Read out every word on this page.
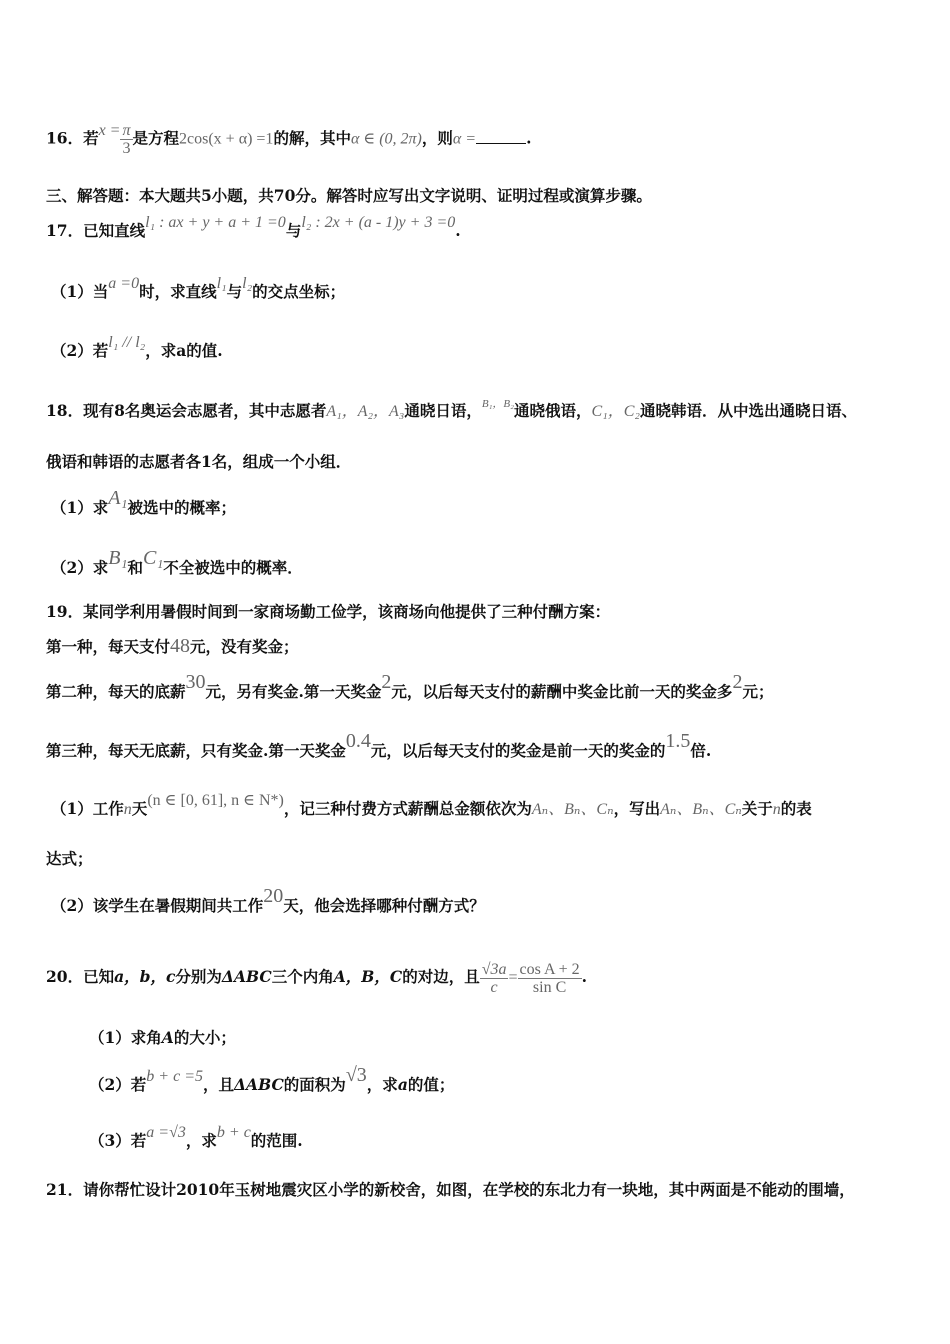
16．若$x = \frac{\pi}{3}$ 是方程2cos(x + α) =1的解，其中α ∈ (0, 2π)，则α =	.
三、解答题：本大题共5小题，共70分。解答时应写出文字说明、证明过程或演算步骤。
17．已知直线l₁ : ax + y + a + 1 =0与l₂ : 2x + (a - 1)y + 3 =0.
（1）当a =0时，求直线l₁与l₂的交点坐标；
（2）若l₁ // l₂，求a的值.
18．现有8名奥运会志愿者，其中志愿者A₁，A₂，A₃通晓日语，$^{B_1,B_2}$通晓俄语，C₁，C₂通晓韩语．从中选出通晓日语、
俄语和韩语的志愿者各1名，组成一个小组．
（1）求A₁被选中的概率；
（2）求B₁和C₁不全被选中的概率．
19．某同学利用暑假时间到一家商场勤工俭学，该商场向他提供了三种付酬方案：
第一种，每天支付48元，没有奖金；
第二种，每天的底薪30元，另有奖金.第一天奖金2元，以后每天支付的薪酬中奖金比前一天的奖金多2元；
第三种，每天无底薪，只有奖金.第一天奖金0.4元，以后每天支付的奖金是前一天的奖金的1.5倍.
（1）工作n天(n ∈ [0, 61], n ∈ N*)，记三种付费方式薪酬总金额依次为Aₙ、Bₙ、Cₙ，写出Aₙ、Bₙ、Cₙ关于n的表
达式；
（2）该学生在暑假期间共工作20天，他会选择哪种付酬方式？
20．已知a，b，c分别为ΔABC三个内角A，B，C的对边，且 $\frac{√3a}{c} = \frac{\text{cos A + 2}}{\text{sin C}}$ .
（1）求角A的大小；
（2）若b + c =5，且ΔABC的面积为√3，求a的值；
（3）若a =√3，求b + c的范围.
21．请你帮忙设计2010年玉树地震灾区小学的新校舍，如图，在学校的东北力有一块地，其中两面是不能动的围墙，
